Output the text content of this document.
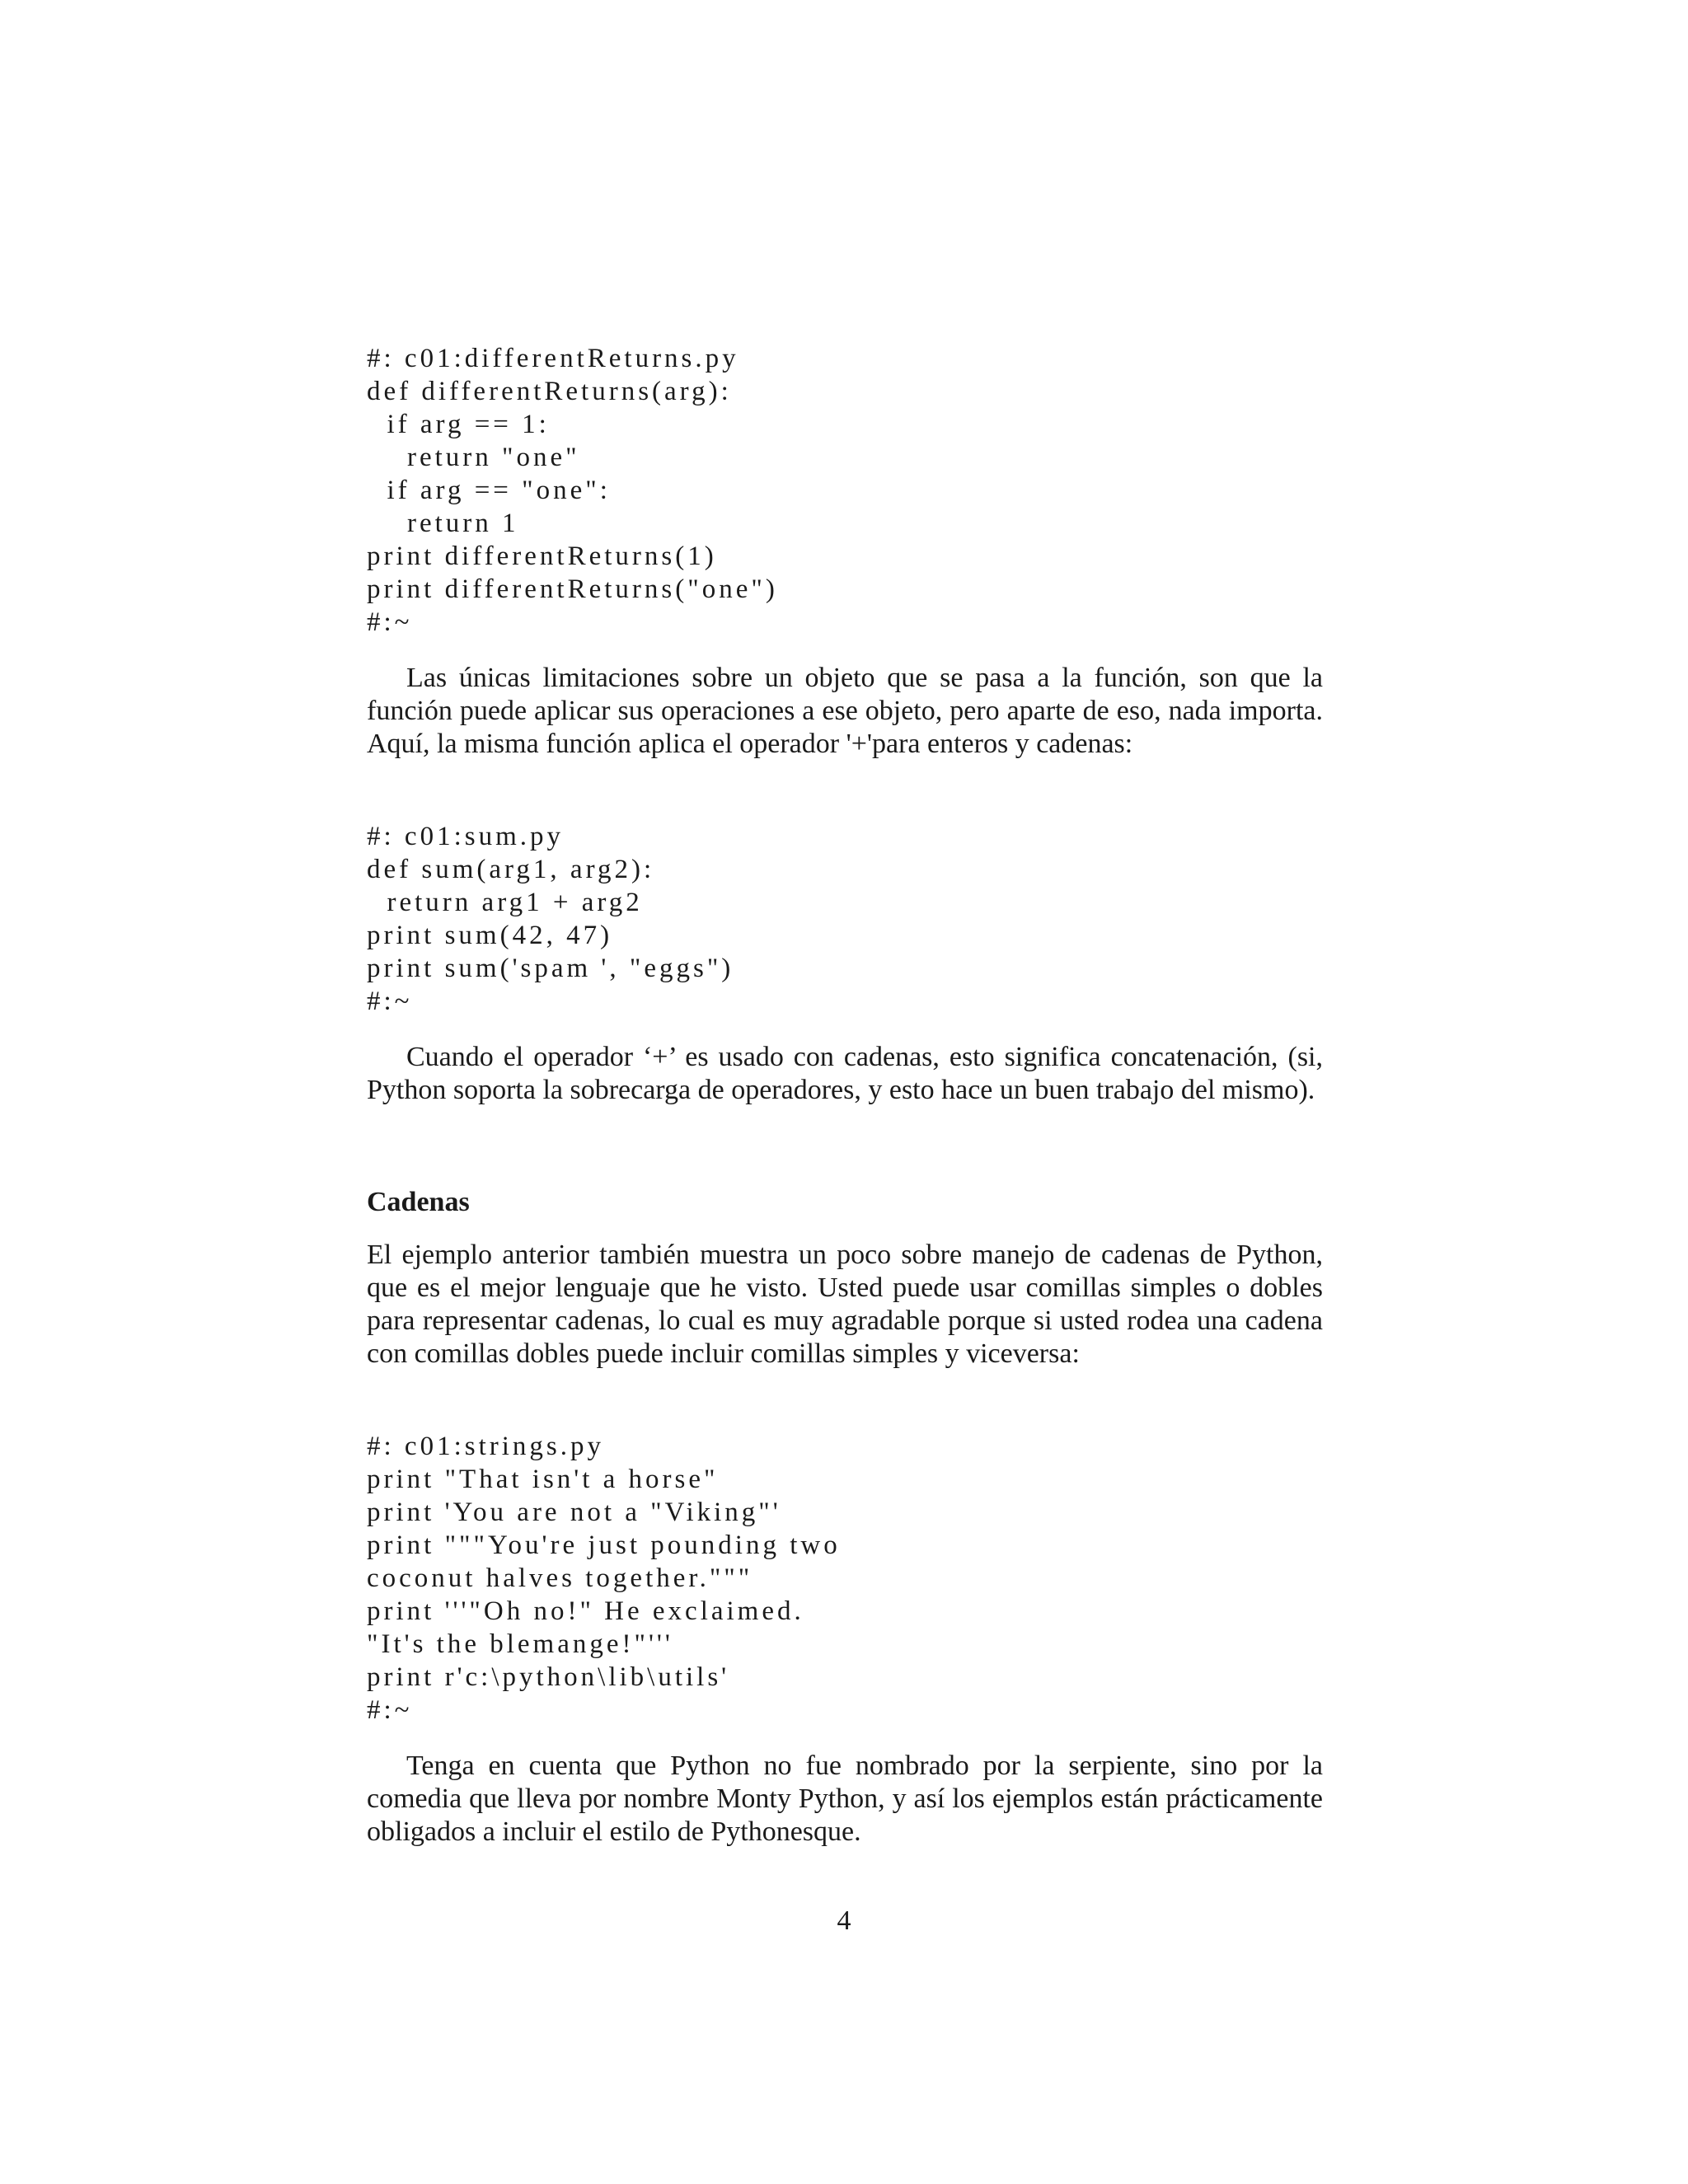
#: c01:differentReturns.py
def differentReturns(arg):
if arg == 1:
return "one"
if arg == "one":
return 1
print differentReturns(1)
print differentReturns("one")
#:~

Las únicas limitaciones sobre un objeto que se pasa a la función, son que la función puede aplicar sus operaciones a ese objeto, pero aparte de eso, nada importa. Aquí, la misma función aplica el operador '+'para enteros y cadenas:

#: c01:sum.py
def sum(arg1, arg2):
return arg1 + arg2
print sum(42, 47)
print sum('spam ', "eggs")
#:~

Cuando el operador ‘+’ es usado con cadenas, esto significa concatenación, (si, Python soporta la sobrecarga de operadores, y esto hace un buen trabajo del mismo).

Cadenas

El ejemplo anterior también muestra un poco sobre manejo de cadenas de Python, que es el mejor lenguaje que he visto. Usted puede usar comillas simples o dobles para representar cadenas, lo cual es muy agradable porque si usted rodea una cadena con comillas dobles puede incluir comillas simples y viceversa:

#: c01:strings.py
print "That isn't a horse"
print 'You are not a "Viking"'
print """You're just pounding two
coconut halves together."""
print '''"Oh no!" He exclaimed.
"It's the blemange!"'''
print r'c:\python\lib\utils'
#:~

Tenga en cuenta que Python no fue nombrado por la serpiente, sino por la comedia que lleva por nombre Monty Python, y así los ejemplos están prácticamente obligados a incluir el estilo de Pythonesque.

4
